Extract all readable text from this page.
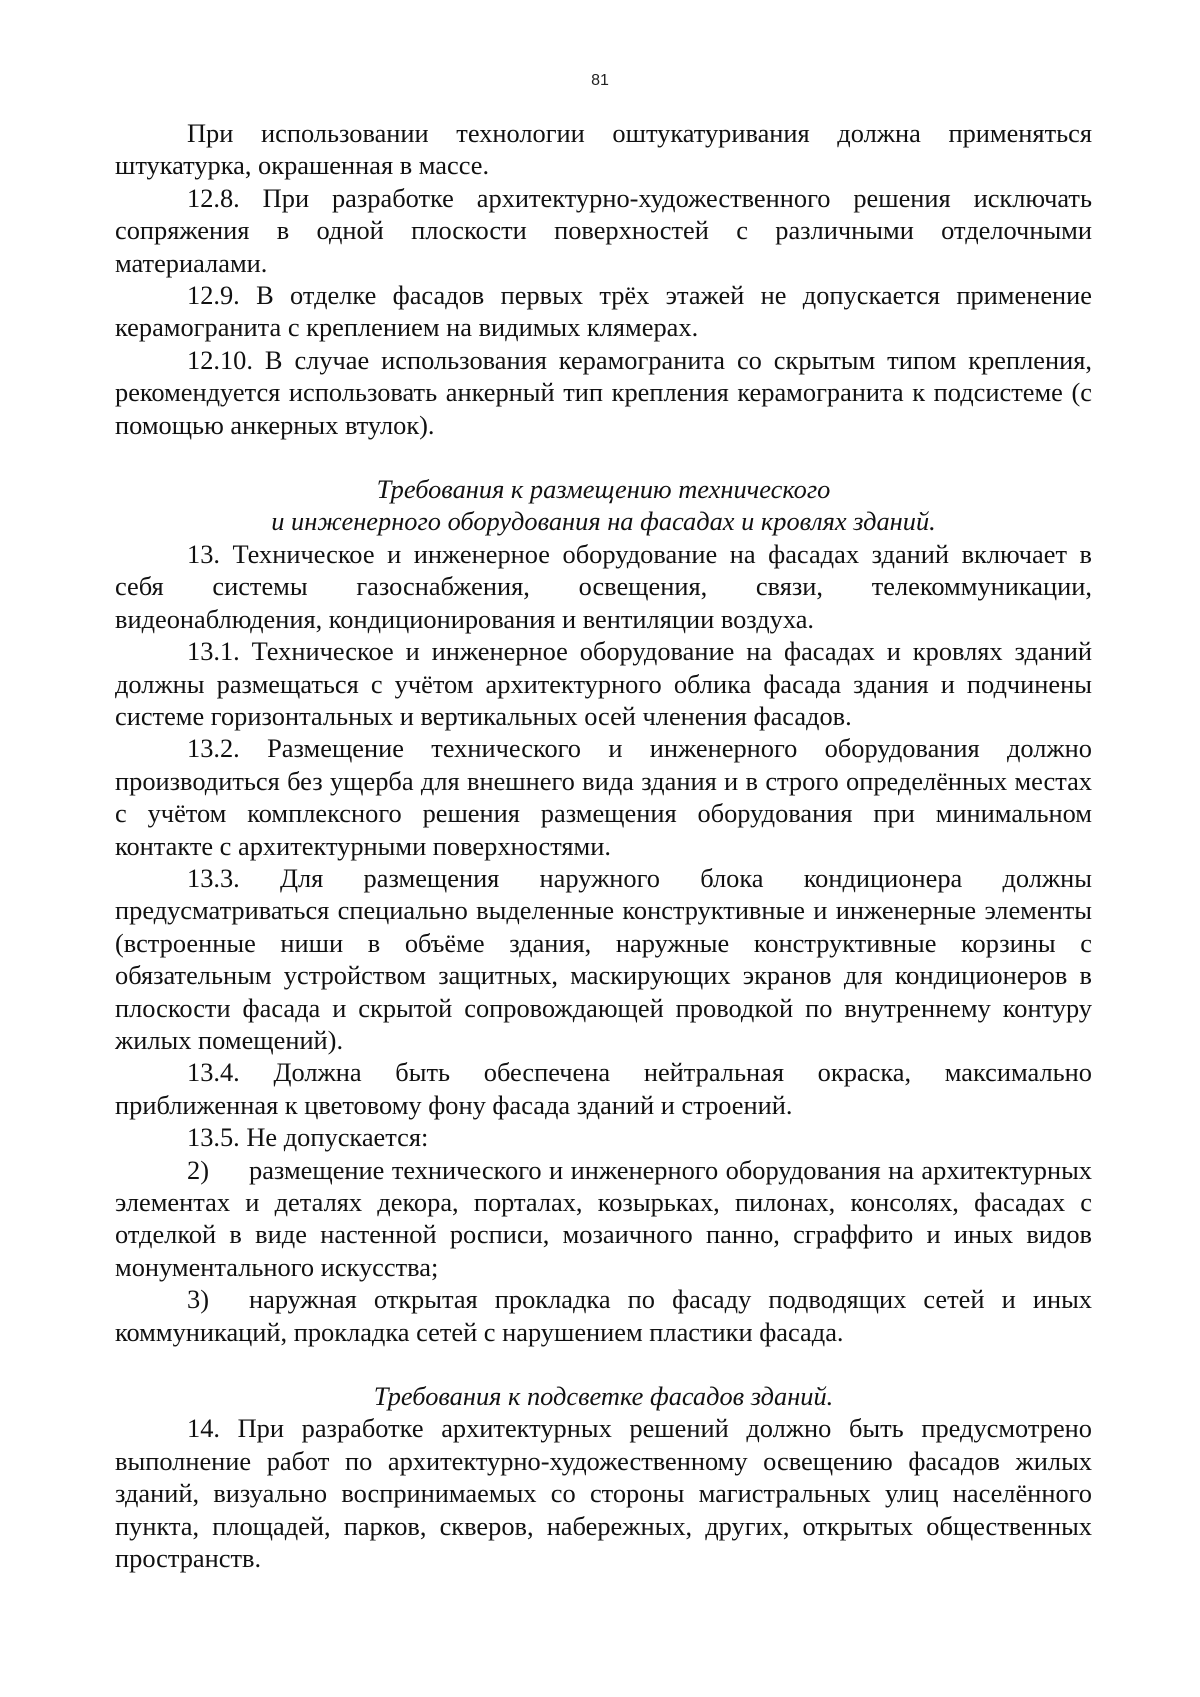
81

При использовании технологии оштукатуривания должна применяться штукатурка, окрашенная в массе.

12.8. При разработке архитектурно-художественного решения исключать сопряжения в одной плоскости поверхностей с различными отделочными материалами.

12.9. В отделке фасадов первых трёх этажей не допускается применение керамогранита с креплением на видимых клямерах.

12.10. В случае использования керамогранита со скрытым типом крепления, рекомендуется использовать анкерный тип крепления керамогранита к подсистеме (с помощью анкерных втулок).

Требования к размещению технического
и инженерного оборудования на фасадах и кровлях зданий.

13. Техническое и инженерное оборудование на фасадах зданий включает в себя системы газоснабжения, освещения, связи, телекоммуникации, видеонаблюдения, кондиционирования и вентиляции воздуха.

13.1. Техническое и инженерное оборудование на фасадах и кровлях зданий должны размещаться с учётом архитектурного облика фасада здания и подчинены системе горизонтальных и вертикальных осей членения фасадов.

13.2. Размещение технического и инженерного оборудования должно производиться без ущерба для внешнего вида здания и в строго определённых местах с учётом комплексного решения размещения оборудования при минимальном контакте с архитектурными поверхностями.

13.3. Для размещения наружного блока кондиционера должны предусматриваться специально выделенные конструктивные и инженерные элементы (встроенные ниши в объёме здания, наружные конструктивные корзины с обязательным устройством защитных, маскирующих экранов для кондиционеров в плоскости фасада и скрытой сопровождающей проводкой по внутреннему контуру жилых помещений).

13.4. Должна быть обеспечена нейтральная окраска, максимально приближенная к цветовому фону фасада зданий и строений.

13.5. Не допускается:

2) размещение технического и инженерного оборудования на архитектурных элементах и деталях декора, порталах, козырьках, пилонах, консолях, фасадах с отделкой в виде настенной росписи, мозаичного панно, сграффито и иных видов монументального искусства;

3) наружная открытая прокладка по фасаду подводящих сетей и иных коммуникаций, прокладка сетей с нарушением пластики фасада.

Требования к подсветке фасадов зданий.

14. При разработке архитектурных решений должно быть предусмотрено выполнение работ по архитектурно-художественному освещению фасадов жилых зданий, визуально воспринимаемых со стороны магистральных улиц населённого пункта, площадей, парков, скверов, набережных, других, открытых общественных пространств.
